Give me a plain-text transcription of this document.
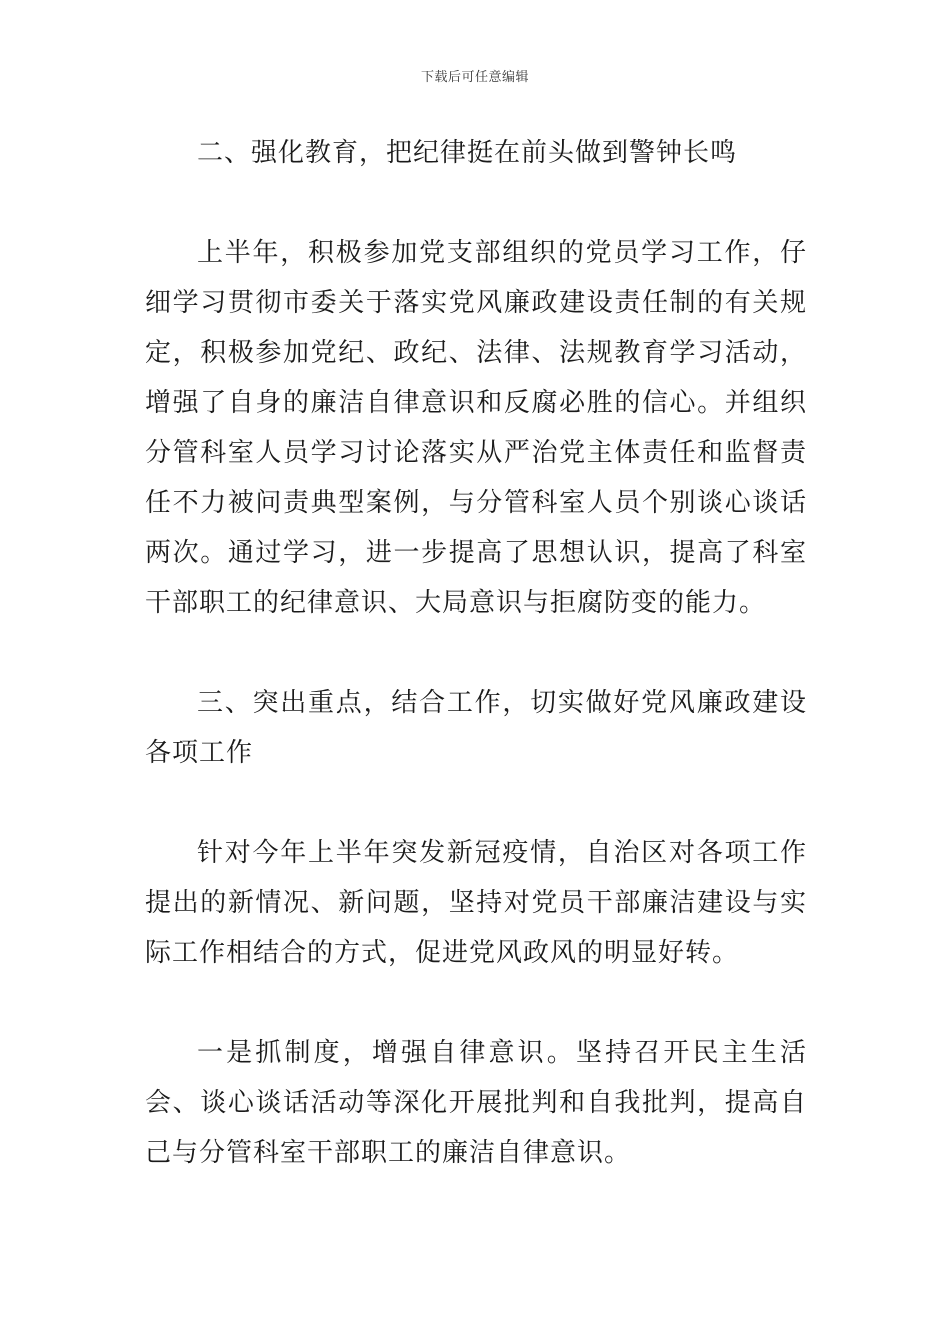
下载后可任意编辑

二、强化教育，把纪律挺在前头做到警钟长鸣

上半年，积极参加党支部组织的党员学习工作，仔细学习贯彻市委关于落实党风廉政建设责任制的有关规定，积极参加党纪、政纪、法律、法规教育学习活动，增强了自身的廉洁自律意识和反腐必胜的信心。并组织分管科室人员学习讨论落实从严治党主体责任和监督责任不力被问责典型案例，与分管科室人员个别谈心谈话两次。通过学习，进一步提高了思想认识，提高了科室干部职工的纪律意识、大局意识与拒腐防变的能力。

三、突出重点，结合工作，切实做好党风廉政建设各项工作

针对今年上半年突发新冠疫情，自治区对各项工作提出的新情况、新问题，坚持对党员干部廉洁建设与实际工作相结合的方式，促进党风政风的明显好转。

一是抓制度，增强自律意识。坚持召开民主生活会、谈心谈话活动等深化开展批判和自我批判，提高自己与分管科室干部职工的廉洁自律意识。
